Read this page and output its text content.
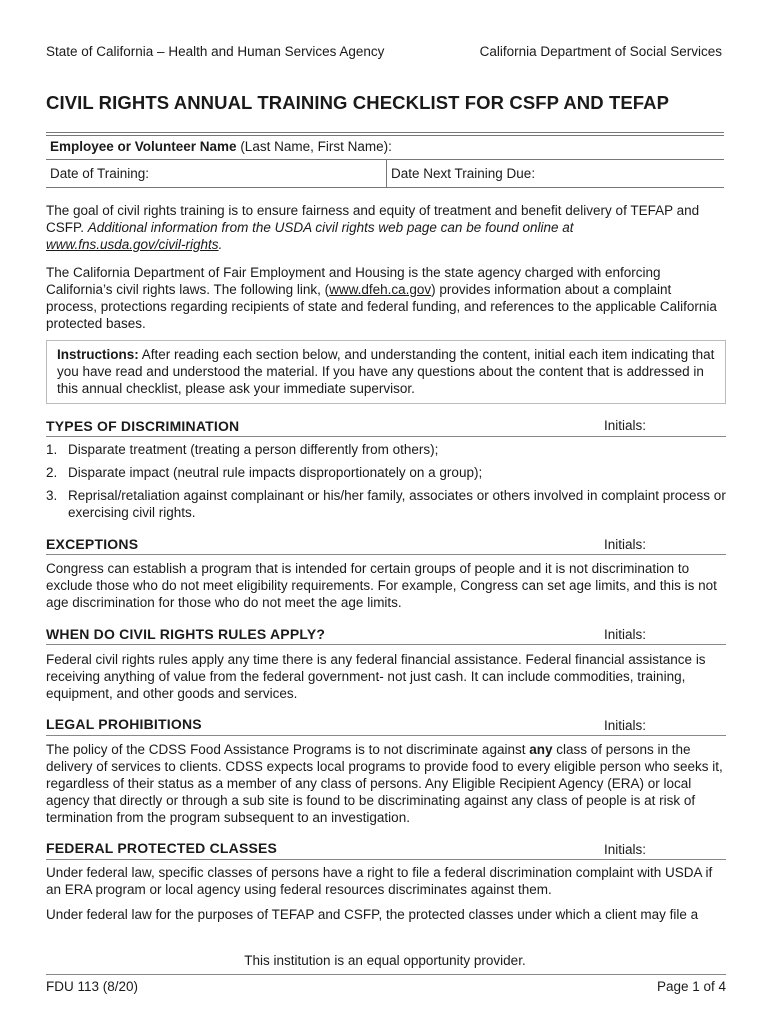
State of California – Health and Human Services Agency	California Department of Social Services
CIVIL RIGHTS ANNUAL TRAINING CHECKLIST FOR CSFP AND TEFAP
Employee or Volunteer Name (Last Name, First Name):
Date of Training:	Date Next Training Due:

The goal of civil rights training is to ensure fairness and equity of treatment and benefit delivery of TEFAP and CSFP. Additional information from the USDA civil rights web page can be found online at
www.fns.usda.gov/civil-rights.

The California Department of Fair Employment and Housing is the state agency charged with enforcing California’s civil rights laws. The following link, (www.dfeh.ca.gov) provides information about a complaint process, protections regarding recipients of state and federal funding, and references to the applicable California protected bases.

Instructions: After reading each section below, and understanding the content, initial each item indicating that you have read and understood the material. If you have any questions about the content that is addressed in this annual checklist, please ask your immediate supervisor.
TYPES OF DISCRIMINATION	Initials:
1. Disparate treatment (treating a person differently from others);
2. Disparate impact (neutral rule impacts disproportionately on a group);
3. Reprisal/retaliation against complainant or his/her family, associates or others involved in complaint process or exercising civil rights.
EXCEPTIONS	Initials:
Congress can establish a program that is intended for certain groups of people and it is not discrimination to exclude those who do not meet eligibility requirements. For example, Congress can set age limits, and this is not age discrimination for those who do not meet the age limits.
WHEN DO CIVIL RIGHTS RULES APPLY?	Initials:
Federal civil rights rules apply any time there is any federal financial assistance. Federal financial assistance is receiving anything of value from the federal government- not just cash. It can include commodities, training, equipment, and other goods and services.
LEGAL PROHIBITIONS	Initials:
The policy of the CDSS Food Assistance Programs is to not discriminate against any class of persons in the delivery of services to clients. CDSS expects local programs to provide food to every eligible person who seeks it, regardless of their status as a member of any class of persons. Any Eligible Recipient Agency (ERA) or local agency that directly or through a sub site is found to be discriminating against any class of people is at risk of termination from the program subsequent to an investigation.
FEDERAL PROTECTED CLASSES	Initials:
Under federal law, specific classes of persons have a right to file a federal discrimination complaint with USDA if an ERA program or local agency using federal resources discriminates against them.
Under federal law for the purposes of TEFAP and CSFP, the protected classes under which a client may file a
This institution is an equal opportunity provider.
FDU 113 (8/20)	Page 1 of 4
